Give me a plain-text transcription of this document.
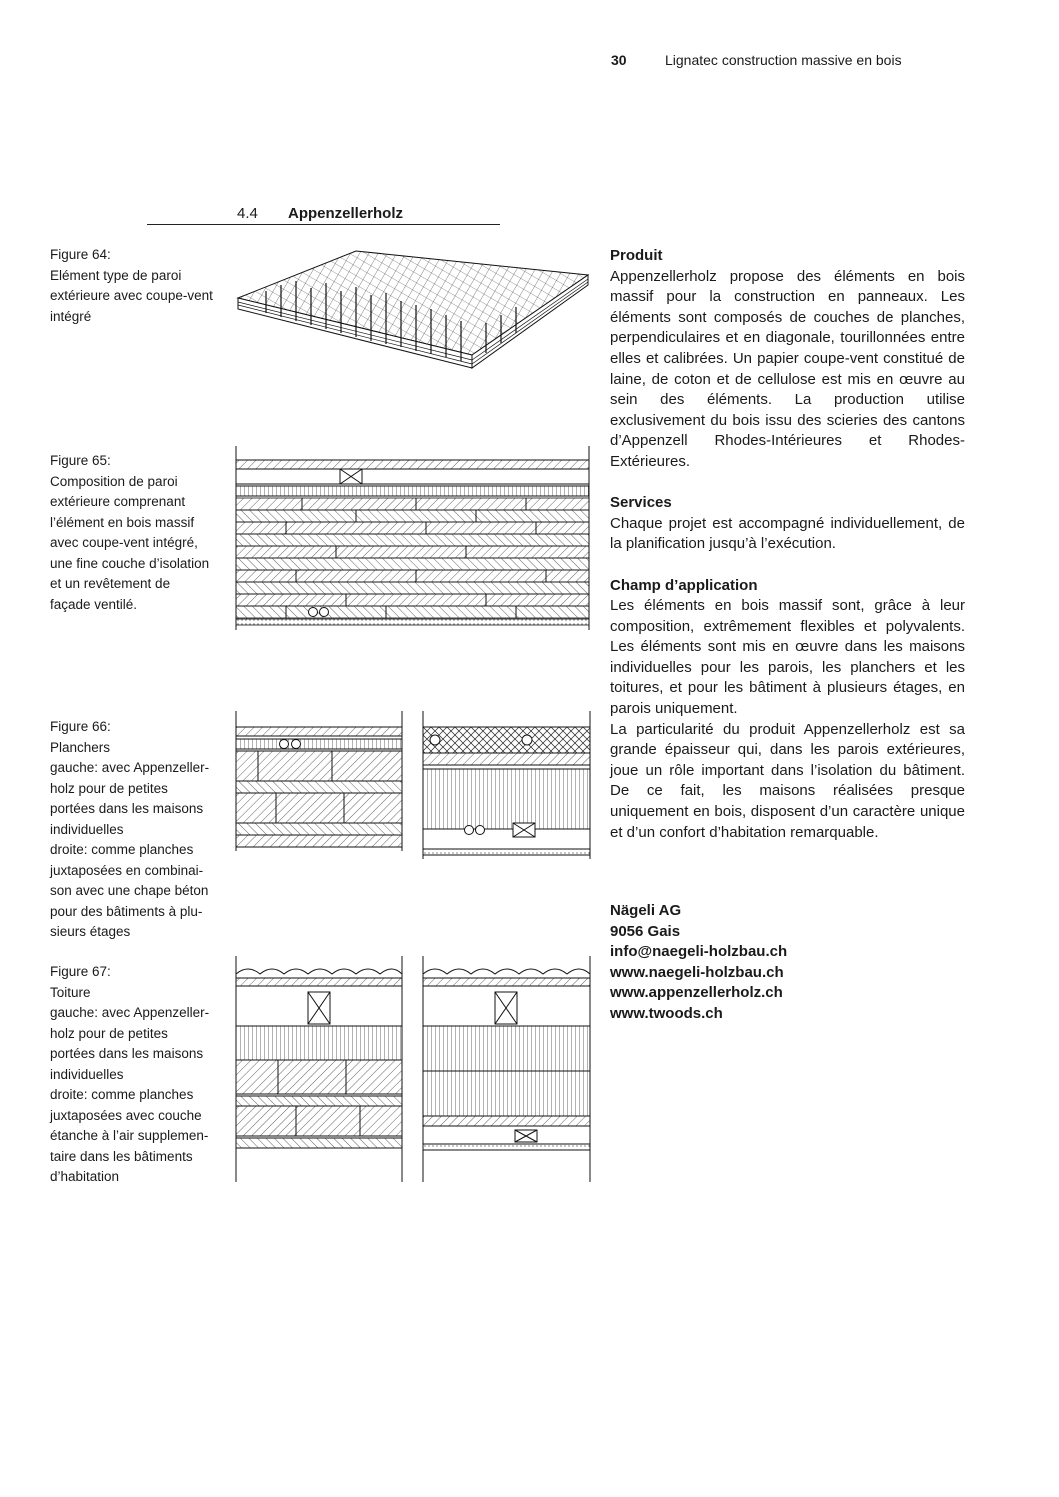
30	Lignatec construction massive en bois
4.4 Appenzellerholz
Figure 64:
Elément type de paroi
extérieure avec coupe-vent
intégré
Figure 65:
Composition de paroi
extérieure comprenant
l’élément en bois massif
avec coupe-vent intégré,
une fine couche d’isolation
et un revêtement de
façade ventilé.
Figure 66:
Planchers
gauche: avec Appenzeller-
holz pour de petites
portées dans les maisons
individuelles
droite: comme planches
juxtaposées en combinai-
son avec une chape béton
pour des bâtiments à plu-
sieurs étages
Figure 67:
Toiture
gauche: avec Appenzeller-
holz pour de petites
portées dans les maisons
individuelles
droite: comme planches
juxtaposées avec couche
étanche à l’air supplemen-
taire dans les bâtiments
d’habitation
Produit

Appenzellerholz propose des éléments en bois massif pour la construction en panneaux. Les éléments sont composés de couches de planches, perpendiculaires et en diagonale, tourillonnées entre elles et calibrées. Un papier coupe-vent constitué de laine, de coton et de cellulose est mis en œuvre au sein des éléments. La production utilise exclusivement du bois issu des scieries des cantons d’Appenzell Rhodes-Intérieures et Rhodes-Extérieures.

Services

Chaque projet est accompagné individuellement, de la planification jusqu’à l’exécution.

Champ d’application

Les éléments en bois massif sont, grâce à leur composition, extrêmement flexibles et polyvalents. Les éléments sont mis en œuvre dans les maisons individuelles pour les parois, les planchers et les toitures, et pour les bâtiment à plusieurs étages, en parois uniquement.

La particularité du produit Appenzellerholz est sa grande épaisseur qui, dans les parois extérieures, joue un rôle important dans l’isolation du bâtiment. De ce fait, les maisons réalisées presque uniquement en bois, disposent d’un caractère unique et d’un confort d’habitation remarquable.

Nägeli AG
9056 Gais
info@naegeli-holzbau.ch
www.naegeli-holzbau.ch
www.appenzellerholz.ch
www.twoods.ch
